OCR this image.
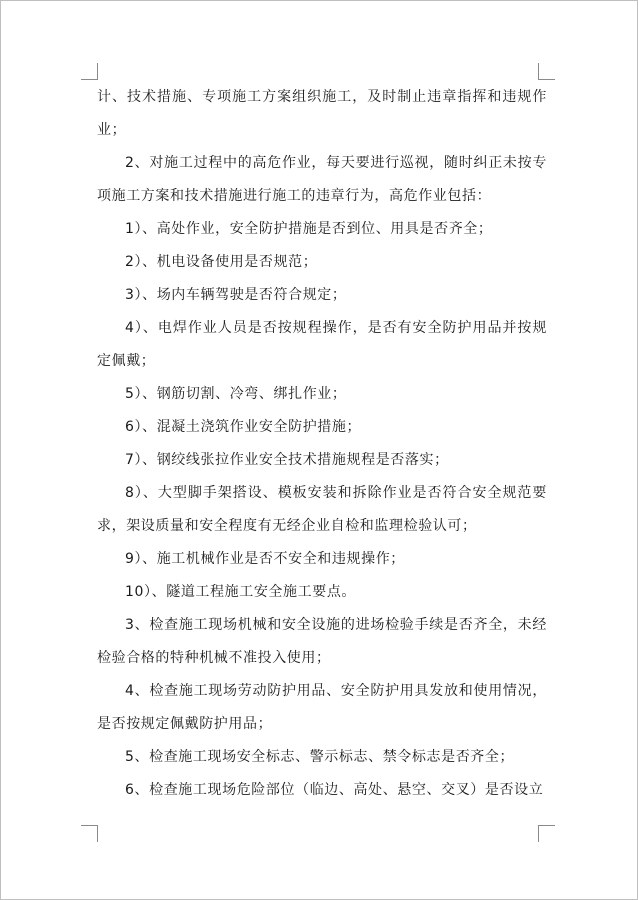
计、技术措施、专项施工方案组织施工，及时制止违章指挥和违规作业；

2、对施工过程中的高危作业，每天要进行巡视，随时纠正未按专项施工方案和技术措施进行施工的违章行为，高危作业包括：

1）、高处作业，安全防护措施是否到位、用具是否齐全；

2）、机电设备使用是否规范；

3）、场内车辆驾驶是否符合规定；

4）、电焊作业人员是否按规程操作，是否有安全防护用品并按规定佩戴；

5）、钢筋切割、冷弯、绑扎作业；

6）、混凝土浇筑作业安全防护措施；

7）、钢绞线张拉作业安全技术措施规程是否落实；

8）、大型脚手架搭设、模板安装和拆除作业是否符合安全规范要求，架设质量和安全程度有无经企业自检和监理检验认可；

9）、施工机械作业是否不安全和违规操作；

10）、隧道工程施工安全施工要点。

3、检查施工现场机械和安全设施的进场检验手续是否齐全，未经检验合格的特种机械不准投入使用；

4、检查施工现场劳动防护用品、安全防护用具发放和使用情况，是否按规定佩戴防护用品；

5、检查施工现场安全标志、警示标志、禁令标志是否齐全；

6、检查施工现场危险部位（临边、高处、悬空、交叉）是否设立
